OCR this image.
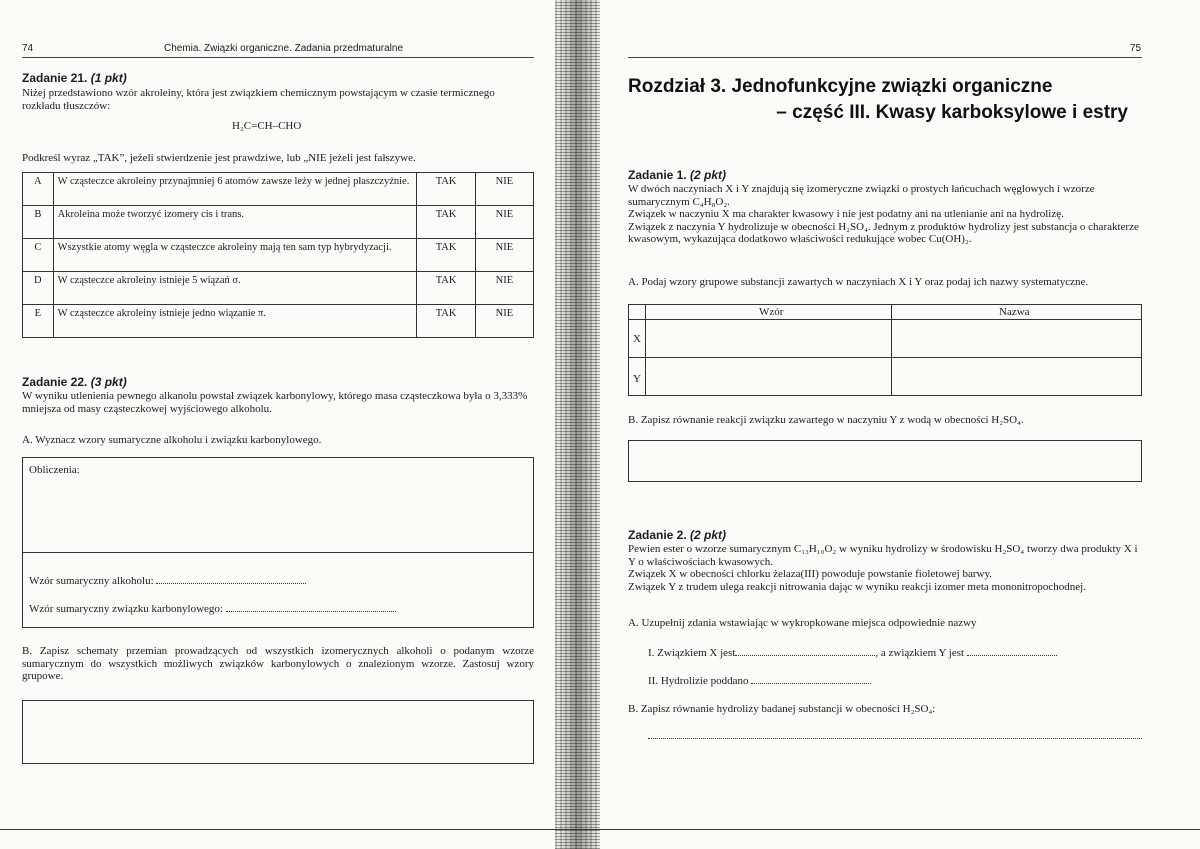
74	Chemia. Związki organiczne. Zadania przedmaturalne
Zadanie 21. (1 pkt)
Niżej przedstawiono wzór akroleiny, która jest związkiem chemicznym powstającym w czasie termicznego rozkładu tłuszczów:
H₂C=CH–CHO
Podkreśl wyraz „TAK”, jeżeli stwierdzenie jest prawdziwe, lub „NIE jeżeli jest fałszywe.
A	W cząsteczce akroleiny przynajmniej 6 atomów zawsze leży w jednej płaszczyźnie.	TAK	NIE
B	Akroleina może tworzyć izomery cis i trans.	TAK	NIE
C	Wszystkie atomy węgla w cząsteczce akroleiny mają ten sam typ hybrydyzacji.	TAK	NIE
D	W cząsteczce akroleiny istnieje 5 wiązań σ.	TAK	NIE
E	W cząsteczce akroleiny istnieje jedno wiązanie π.	TAK	NIE
Zadanie 22. (3 pkt)
W wyniku utlenienia pewnego alkanolu powstał związek karbonylowy, którego masa cząsteczkowa była o 3,333% mniejsza od masy cząsteczkowej wyjściowego alkoholu.
A. Wyznacz wzory sumaryczne alkoholu i związku karbonylowego.
Obliczenia:
Wzór sumaryczny alkoholu:
Wzór sumaryczny związku karbonylowego:
B. Zapisz schematy przemian prowadzących od wszystkich izomerycznych alkoholi o podanym wzorze sumarycznym do wszystkich możliwych związków karbonylowych o znalezionym wzorze. Zastosuj wzory grupowe.
75
Rozdział 3. Jednofunkcyjne związki organiczne
– część III. Kwasy karboksylowe i estry
Zadanie 1. (2 pkt)
W dwóch naczyniach X i Y znajdują się izomeryczne związki o prostych łańcuchach węglowych i wzorze sumarycznym C₄H₈O₂.
Związek w naczyniu X ma charakter kwasowy i nie jest podatny ani na utlenianie ani na hydrolizę.
Związek z naczynia Y hydrolizuje w obecności H₂SO₄. Jednym z produktów hydrolizy jest substancja o charakterze kwasowym, wykazująca dodatkowo właściwości redukujące wobec Cu(OH)₂.
A. Podaj wzory grupowe substancji zawartych w naczyniach X i Y oraz podaj ich nazwy systematyczne.
Wzór	Nazwa
X
Y
B. Zapisz równanie reakcji związku zawartego w naczyniu Y z wodą w obecności H₂SO₄.
Zadanie 2. (2 pkt)
Pewien ester o wzorze sumarycznym C₁₃H₁₀O₂ w wyniku hydrolizy w środowisku H₂SO₄ tworzy dwa produkty X i Y o właściwościach kwasowych.
Związek X w obecności chlorku żelaza(III) powoduje powstanie fioletowej barwy.
Związek Y z trudem ulega reakcji nitrowania dając w wyniku reakcji izomer meta mononitropochodnej.
A. Uzupełnij zdania wstawiając w wykropkowane miejsca odpowiednie nazwy
I. Związkiem X jest	, a związkiem Y jest
II. Hydrolizie poddano
B. Zapisz równanie hydrolizy badanej substancji w obecności H₂SO₄:
